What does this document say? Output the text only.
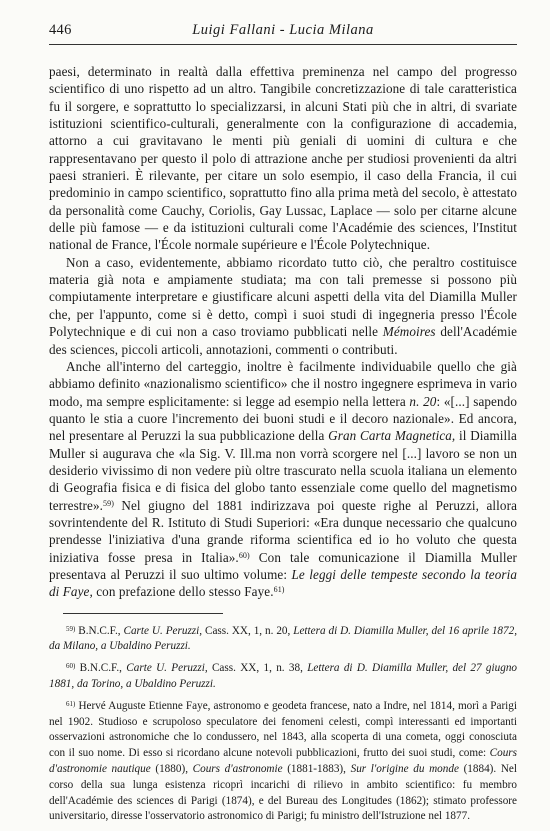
446	Luigi Fallani - Lucia Milana

paesi, determinato in realtà dalla effettiva preminenza nel campo del progresso scientifico di uno rispetto ad un altro. Tangibile concretizzazione di tale caratteristica fu il sorgere, e soprattutto lo specializzarsi, in alcuni Stati più che in altri, di svariate istituzioni scientifico-culturali, generalmente con la configurazione di accademia, attorno a cui gravitavano le menti più geniali di uomini di cultura e che rappresentavano per questo il polo di attrazione anche per studiosi provenienti da altri paesi stranieri. È rilevante, per citare un solo esempio, il caso della Francia, il cui predominio in campo scientifico, soprattutto fino alla prima metà del secolo, è attestato da personalità come Cauchy, Coriolis, Gay Lussac, Laplace — solo per citarne alcune delle più famose — e da istituzioni culturali come l'Académie des sciences, l'Institut national de France, l'École normale supérieure e l'École Polytechnique.

Non a caso, evidentemente, abbiamo ricordato tutto ciò, che peraltro costituisce materia già nota e ampiamente studiata; ma con tali premesse si possono più compiutamente interpretare e giustificare alcuni aspetti della vita del Diamilla Muller che, per l'appunto, come si è detto, compì i suoi studi di ingegneria presso l'École Polytechnique e di cui non a caso troviamo pubblicati nelle Mémoires dell'Académie des sciences, piccoli articoli, annotazioni, commenti o contributi.

Anche all'interno del carteggio, inoltre è facilmente individuabile quello che già abbiamo definito «nazionalismo scientifico» che il nostro ingegnere esprimeva in vario modo, ma sempre esplicitamente: si legge ad esempio nella lettera n. 20: «[...] sapendo quanto le stia a cuore l'incremento dei buoni studi e il decoro nazionale». Ed ancora, nel presentare al Peruzzi la sua pubblicazione della Gran Carta Magnetica, il Diamilla Muller si augurava che «la Sig. V. Ill.ma non vorrà scorgere nel [...] lavoro se non un desiderio vivissimo di non vedere più oltre trascurato nella scuola italiana un elemento di Geografia fisica e di fisica del globo tanto essenziale come quello del magnetismo terrestre».$^{59)}$ Nel giugno del 1881 indirizzava poi queste righe al Peruzzi, allora sovrintendente del R. Istituto di Studi Superiori: «Era dunque necessario che qualcuno prendesse l'iniziativa d'una grande riforma scientifica ed io ho voluto che questa iniziativa fosse presa in Italia».$^{60)}$ Con tale comunicazione il Diamilla Muller presentava al Peruzzi il suo ultimo volume: Le leggi delle tempeste secondo la teoria di Faye, con prefazione dello stesso Faye.$^{61)}$

$^{59)}$ B.N.C.F., Carte U. Peruzzi, Cass. XX, 1, n. 20, Lettera di D. Diamilla Muller, del 16 aprile 1872, da Milano, a Ubaldino Peruzzi.

$^{60)}$ B.N.C.F., Carte U. Peruzzi, Cass. XX, 1, n. 38, Lettera di D. Diamilla Muller, del 27 giugno 1881, da Torino, a Ubaldino Peruzzi.

$^{61)}$ Hervé Auguste Etienne Faye, astronomo e geodeta francese, nato a Indre, nel 1814, morì a Parigi nel 1902. Studioso e scrupoloso speculatore dei fenomeni celesti, compì interessanti ed importanti osservazioni astronomiche che lo condussero, nel 1843, alla scoperta di una cometa, oggi conosciuta con il suo nome. Di esso si ricordano alcune notevoli pubblicazioni, frutto dei suoi studi, come: Cours d'astronomie nautique (1880), Cours d'astronomie (1881-1883), Sur l'origine du monde (1884). Nel corso della sua lunga esistenza ricoprì incarichi di rilievo in ambito scientifico: fu membro dell'Académie des sciences di Parigi (1874), e del Bureau des Longitudes (1862); stimato professore universitario, diresse l'osservatorio astronomico di Parigi; fu ministro dell'Istruzione nel 1877.
